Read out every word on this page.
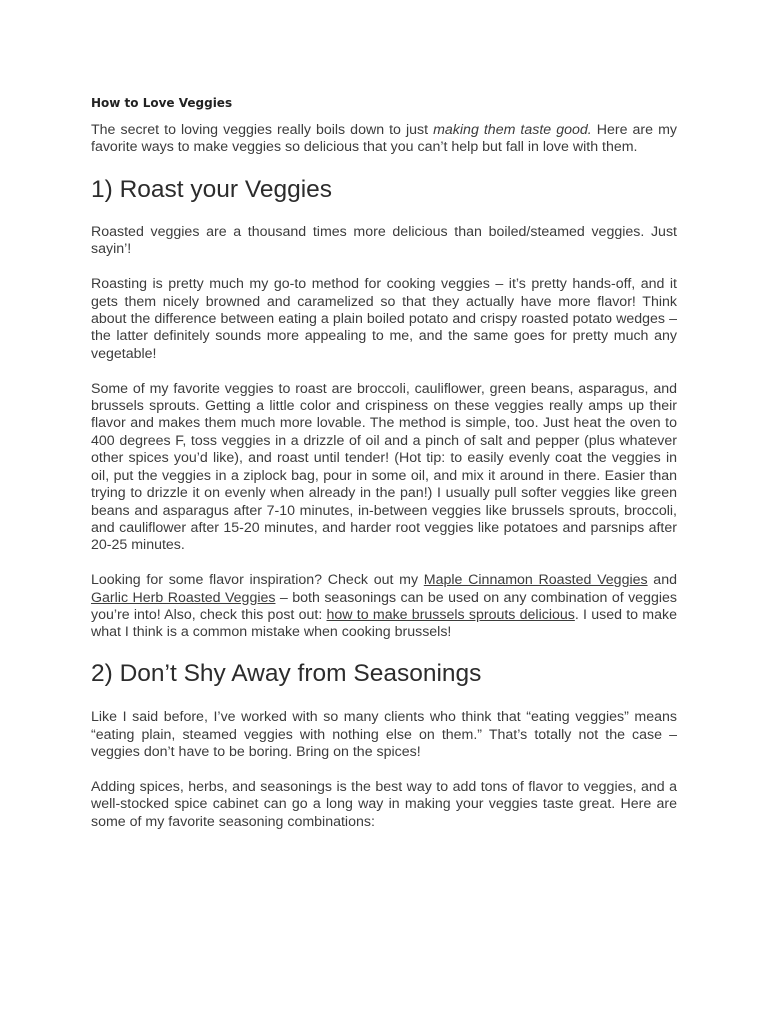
How to Love Veggies

The secret to loving veggies really boils down to just making them taste good. Here are my favorite ways to make veggies so delicious that you can’t help but fall in love with them.

1) Roast your Veggies

Roasted veggies are a thousand times more delicious than boiled/steamed veggies. Just sayin’!

Roasting is pretty much my go-to method for cooking veggies – it’s pretty hands-off, and it gets them nicely browned and caramelized so that they actually have more flavor! Think about the difference between eating a plain boiled potato and crispy roasted potato wedges – the latter definitely sounds more appealing to me, and the same goes for pretty much any vegetable!

Some of my favorite veggies to roast are broccoli, cauliflower, green beans, asparagus, and brussels sprouts. Getting a little color and crispiness on these veggies really amps up their flavor and makes them much more lovable. The method is simple, too. Just heat the oven to 400 degrees F, toss veggies in a drizzle of oil and a pinch of salt and pepper (plus whatever other spices you’d like), and roast until tender! (Hot tip: to easily evenly coat the veggies in oil, put the veggies in a ziplock bag, pour in some oil, and mix it around in there. Easier than trying to drizzle it on evenly when already in the pan!) I usually pull softer veggies like green beans and asparagus after 7-10 minutes, in-between veggies like brussels sprouts, broccoli, and cauliflower after 15-20 minutes, and harder root veggies like potatoes and parsnips after 20-25 minutes.

Looking for some flavor inspiration? Check out my Maple Cinnamon Roasted Veggies and Garlic Herb Roasted Veggies – both seasonings can be used on any combination of veggies you’re into! Also, check this post out: how to make brussels sprouts delicious. I used to make what I think is a common mistake when cooking brussels!

2) Don’t Shy Away from Seasonings

Like I said before, I’ve worked with so many clients who think that “eating veggies” means “eating plain, steamed veggies with nothing else on them.” That’s totally not the case – veggies don’t have to be boring. Bring on the spices!

Adding spices, herbs, and seasonings is the best way to add tons of flavor to veggies, and a well-stocked spice cabinet can go a long way in making your veggies taste great. Here are some of my favorite seasoning combinations:
